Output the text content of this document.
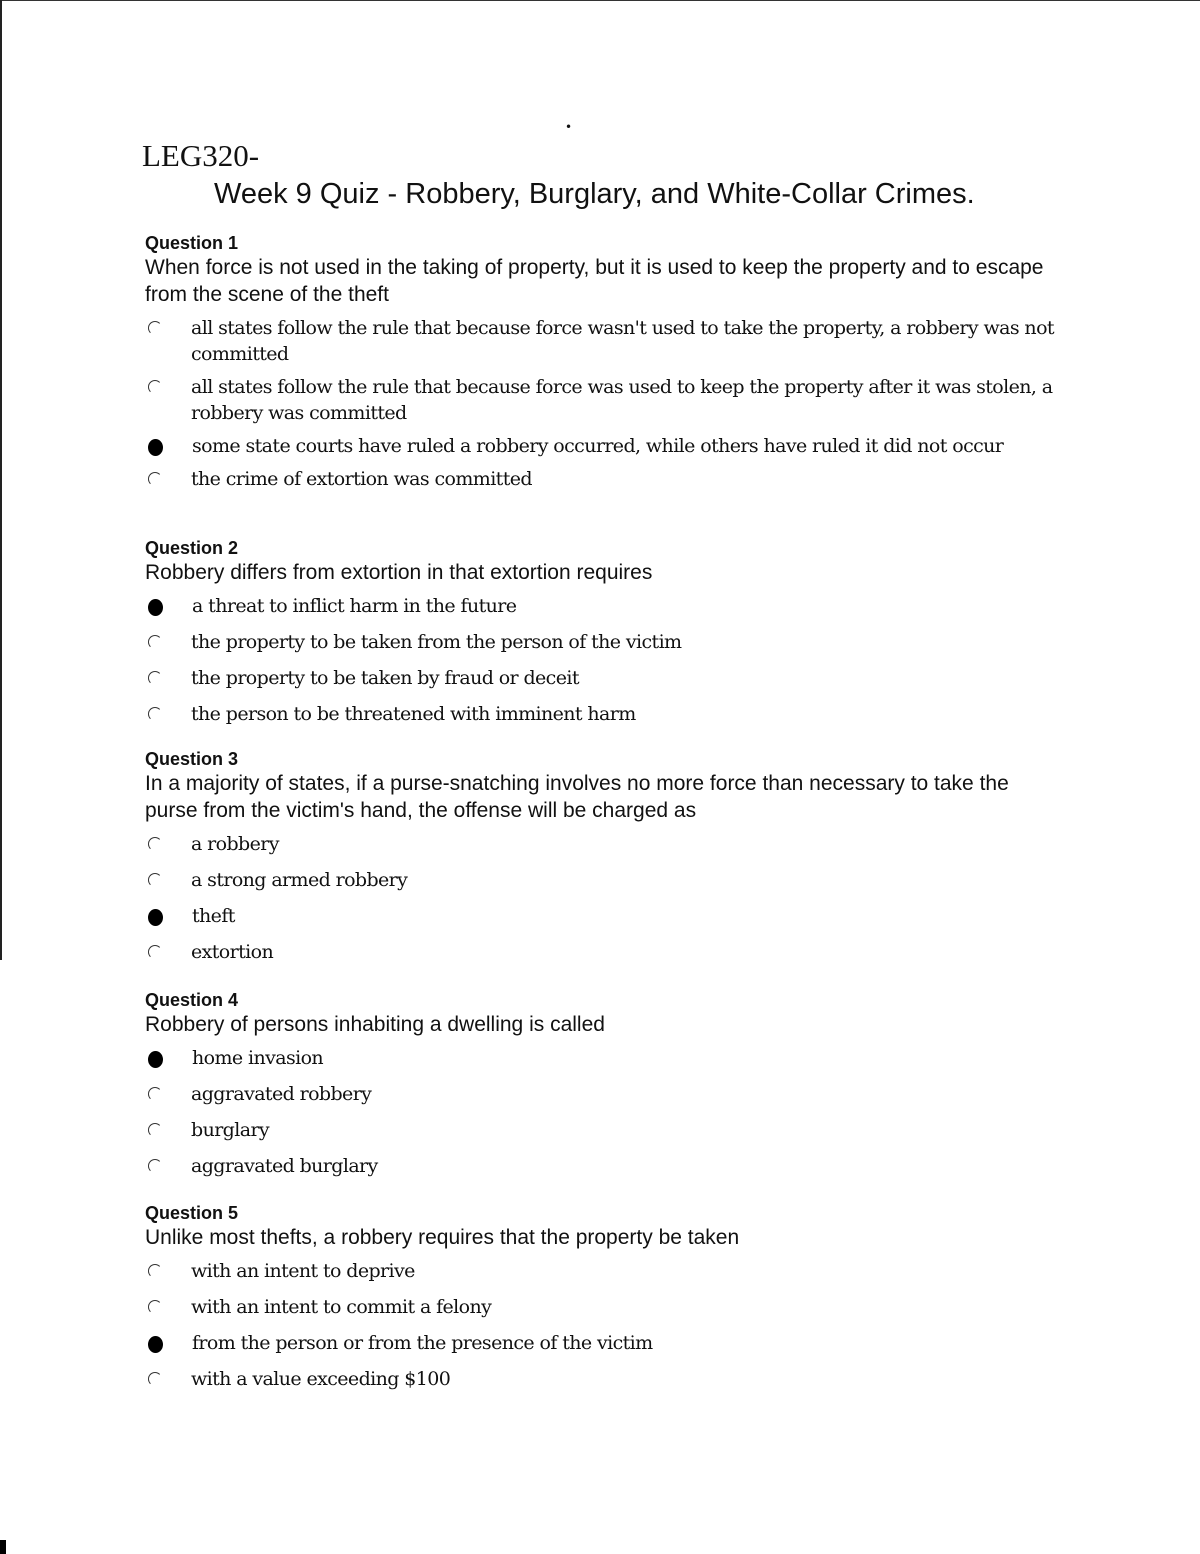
•
LEG320-
Week 9 Quiz - Robbery, Burglary, and White-Collar Crimes.

Question 1

When force is not used in the taking of property, but it is used to keep the property and to escape from the scene of the theft

all states follow the rule that because force wasn't used to take the property, a robbery was not committed
all states follow the rule that because force was used to keep the property after it was stolen, a robbery was committed
some state courts have ruled a robbery occurred, while others have ruled it did not occur
the crime of extortion was committed

Question 2

Robbery differs from extortion in that extortion requires

a threat to inflict harm in the future
the property to be taken from the person of the victim
the property to be taken by fraud or deceit
the person to be threatened with imminent harm

Question 3

In a majority of states, if a purse-snatching involves no more force than necessary to take the purse from the victim's hand, the offense will be charged as

a robbery
a strong armed robbery
theft
extortion

Question 4

Robbery of persons inhabiting a dwelling is called

home invasion
aggravated robbery
burglary
aggravated burglary

Question 5

Unlike most thefts, a robbery requires that the property be taken

with an intent to deprive
with an intent to commit a felony
from the person or from the presence of the victim
with a value exceeding $100
